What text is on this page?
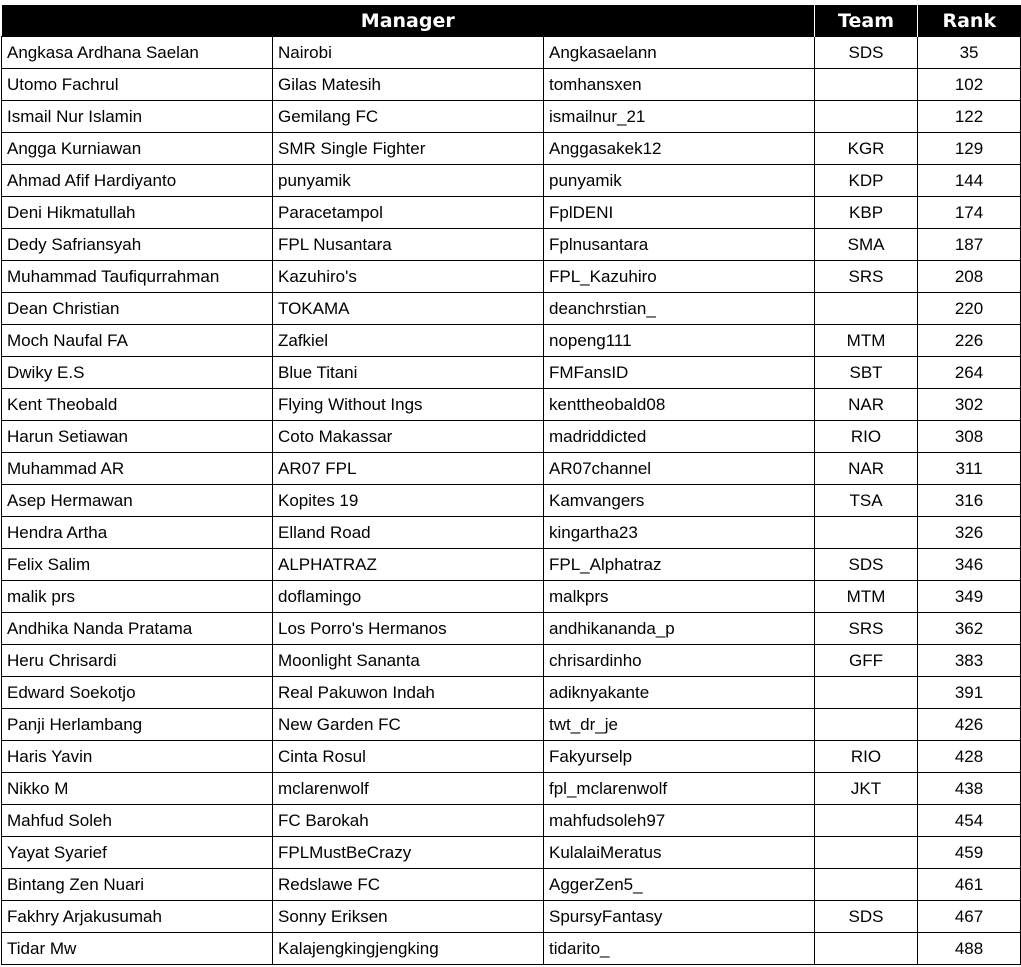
Manager			Team	Rank
Angkasa Ardhana Saelan	Nairobi	Angkasaelann	SDS	35
Utomo Fachrul	Gilas Matesih	tomhansxen		102
Ismail Nur Islamin	Gemilang FC	ismailnur_21		122
Angga Kurniawan	SMR Single Fighter	Anggasakek12	KGR	129
Ahmad Afif Hardiyanto	punyamik	punyamik	KDP	144
Deni Hikmatullah	Paracetampol	FplDENI	KBP	174
Dedy Safriansyah	FPL Nusantara	Fplnusantara	SMA	187
Muhammad Taufiqurrahman	Kazuhiro's	FPL_Kazuhiro	SRS	208
Dean Christian	TOKAMA	deanchrstian_		220
Moch Naufal FA	Zafkiel	nopeng111	MTM	226
Dwiky E.S	Blue Titani	FMFansID	SBT	264
Kent Theobald	Flying Without Ings	kenttheobald08	NAR	302
Harun Setiawan	Coto Makassar	madriddicted	RIO	308
Muhammad AR	AR07 FPL	AR07channel	NAR	311
Asep Hermawan	Kopites 19	Kamvangers	TSA	316
Hendra Artha	Elland Road	kingartha23		326
Felix Salim	ALPHATRAZ	FPL_Alphatraz	SDS	346
malik prs	doflamingo	malkprs	MTM	349
Andhika Nanda Pratama	Los Porro's Hermanos	andhikananda_p	SRS	362
Heru Chrisardi	Moonlight Sananta	chrisardinho	GFF	383
Edward Soekotjo	Real Pakuwon Indah	adiknyakante		391
Panji Herlambang	New Garden FC	twt_dr_je		426
Haris Yavin	Cinta Rosul	Fakyurselp	RIO	428
Nikko M	mclarenwolf	fpl_mclarenwolf	JKT	438
Mahfud Soleh	FC Barokah	mahfudsoleh97		454
Yayat Syarief	FPLMustBeCrazy	KulalaiMeratus		459
Bintang Zen Nuari	Redslawe FC	AggerZen5_		461
Fakhry Arjakusumah	Sonny Eriksen	SpursyFantasy	SDS	467
Tidar Mw	Kalajengkingjengking	tidarito_		488
